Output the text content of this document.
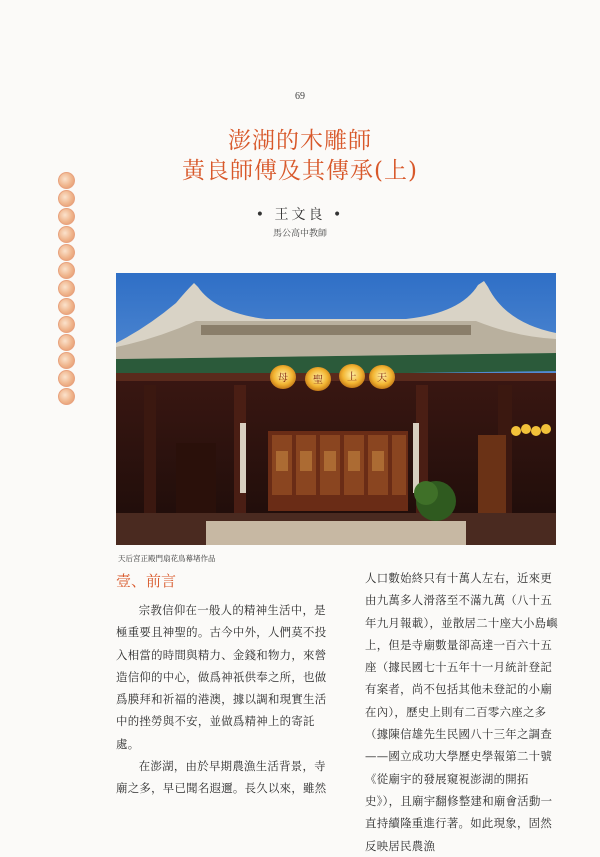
69
澎湖的木雕師
黃良師傅及其傳承(上)
• 王文良 •
馬公高中教師
母	聖 上 天
天后宮正殿門扇花鳥幕堵作品
壹、前言

宗教信仰在一般人的精神生活中，是極重要且神聖的。古今中外，人們莫不投入相當的時間與精力、金錢和物力，來營造信仰的中心，做爲神祇供奉之所，也做爲膜拜和祈福的港澳，據以調和現實生活中的挫勞與不安，並做爲精神上的寄託處。

在澎湖，由於早期農漁生活背景，寺廟之多，早已聞名遐邇。長久以來，雖然

人口數始終只有十萬人左右，近來更由九萬多人滑落至不滿九萬（八十五年九月報載），並散居二十座大小島嶼上，但是寺廟數量卻高達一百六十五座（據民國七十五年十一月統計登記有案者，尚不包括其他未登記的小廟在內），歷史上則有二百零六座之多（據陳信雄先生民國八十三年之調查——國立成功大學歷史學報第二十號《從廟宇的發展窺視澎湖的開拓史》），且廟宇翻修整建和廟會活動一直持續隆重進行著。如此現象，固然反映居民農漁
